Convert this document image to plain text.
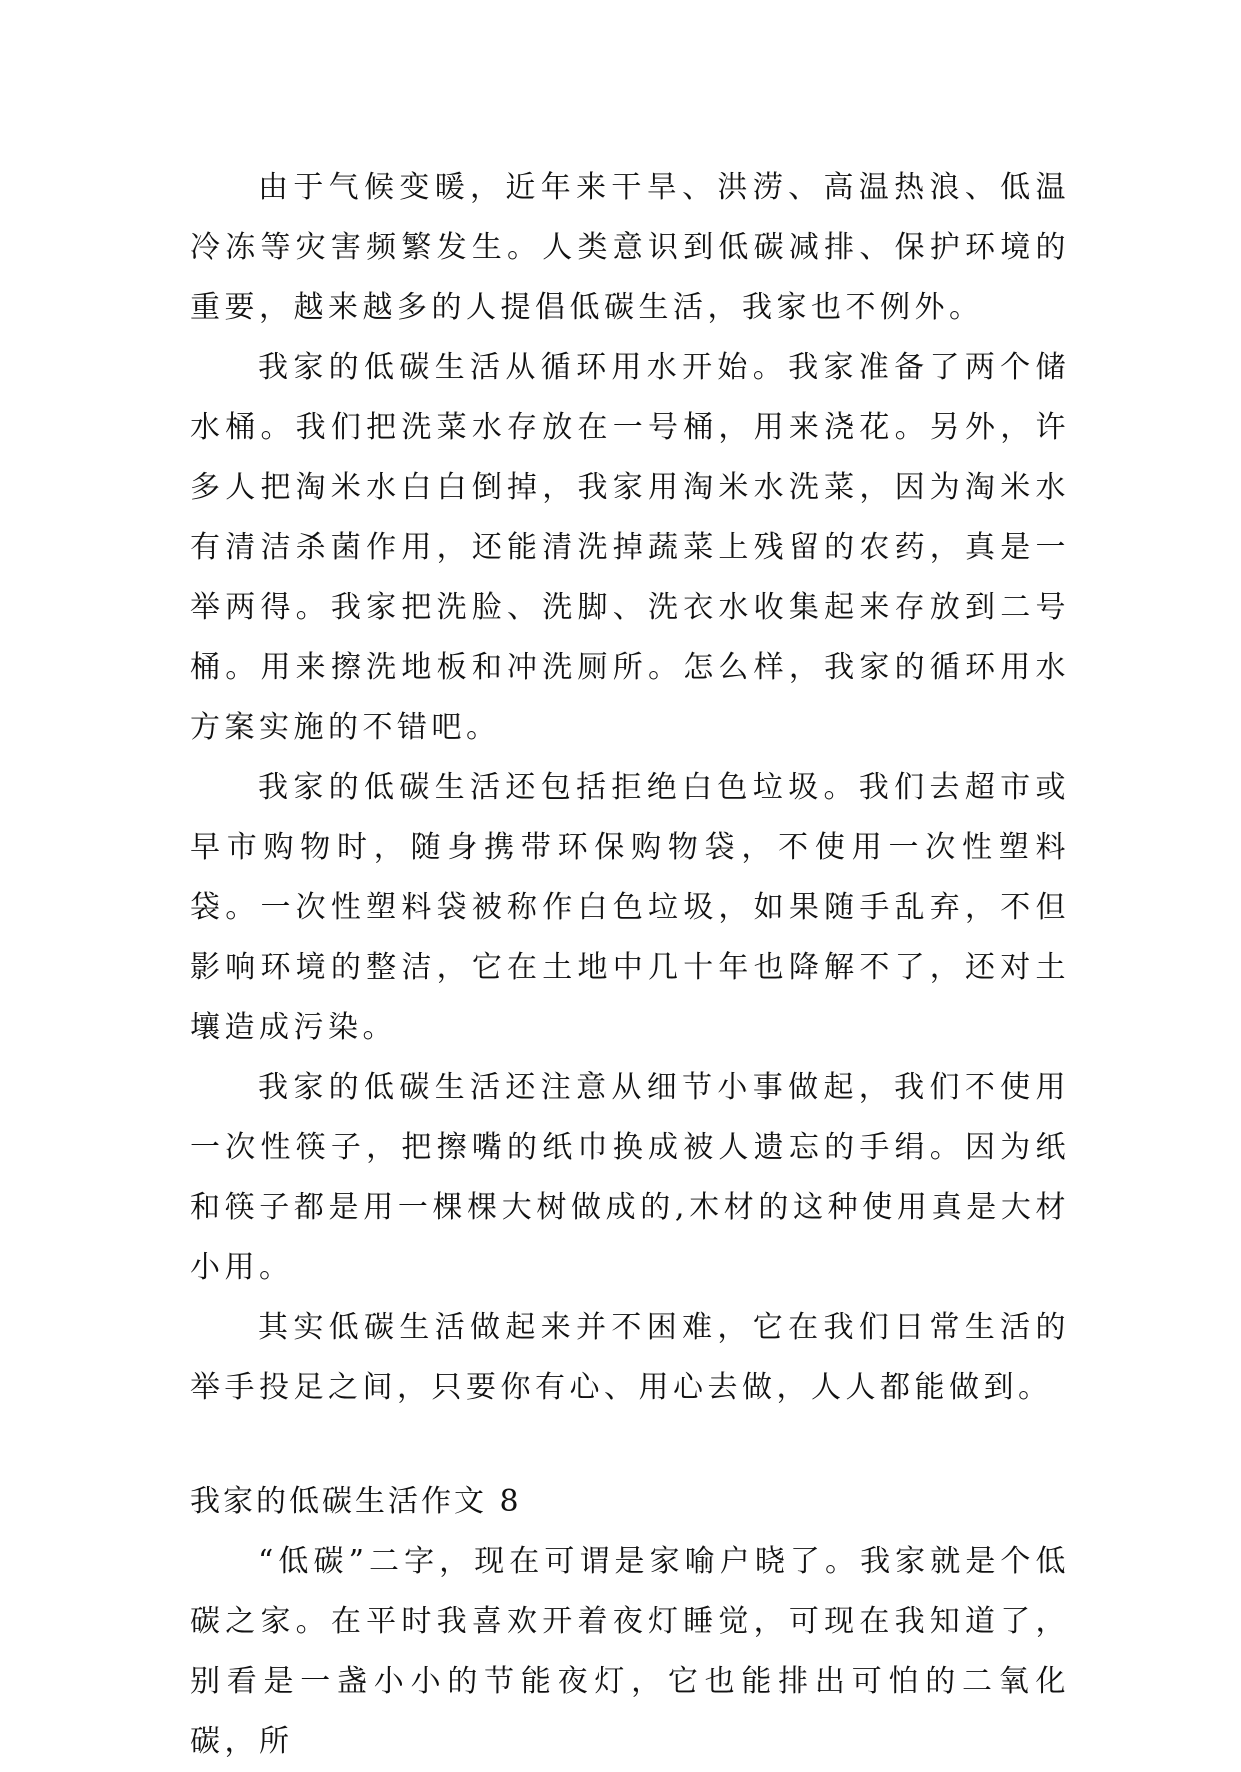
由于气候变暖，近年来干旱、洪涝、高温热浪、低温冷冻等灾害频繁发生。人类意识到低碳减排、保护环境的重要，越来越多的人提倡低碳生活，我家也不例外。

我家的低碳生活从循环用水开始。我家准备了两个储水桶。我们把洗菜水存放在一号桶，用来浇花。另外，许多人把淘米水白白倒掉，我家用淘米水洗菜，因为淘米水有清洁杀菌作用，还能清洗掉蔬菜上残留的农药，真是一举两得。我家把洗脸、洗脚、洗衣水收集起来存放到二号桶。用来擦洗地板和冲洗厕所。怎么样，我家的循环用水方案实施的不错吧。

我家的低碳生活还包括拒绝白色垃圾。我们去超市或早市购物时，随身携带环保购物袋，不使用一次性塑料袋。一次性塑料袋被称作白色垃圾，如果随手乱弃，不但影响环境的整洁，它在土地中几十年也降解不了，还对土壤造成污染。

我家的低碳生活还注意从细节小事做起，我们不使用一次性筷子，把擦嘴的纸巾换成被人遗忘的手绢。因为纸和筷子都是用一棵棵大树做成的,木材的这种使用真是大材小用。

其实低碳生活做起来并不困难，它在我们日常生活的举手投足之间，只要你有心、用心去做，人人都能做到。

我家的低碳生活作文 8

“低碳”二字，现在可谓是家喻户晓了。我家就是个低碳之家。在平时我喜欢开着夜灯睡觉，可现在我知道了，别看是一盏小小的节能夜灯，它也能排出可怕的二氧化碳，所
